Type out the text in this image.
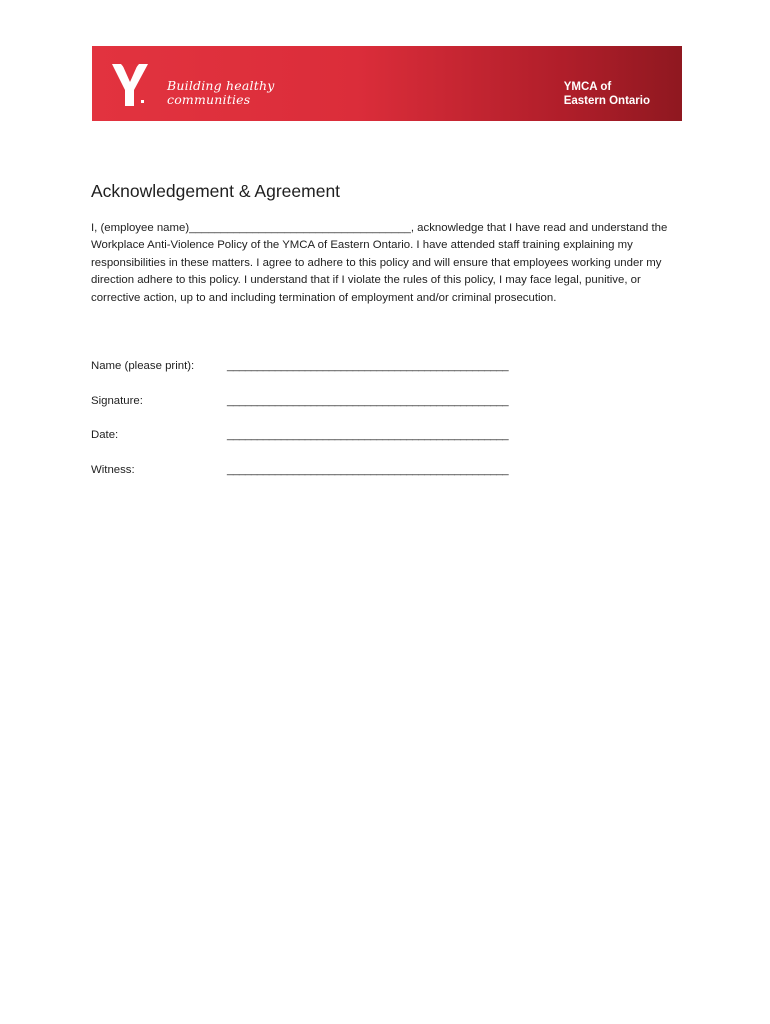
Building healthy
communities
YMCA of
Eastern Ontario
Acknowledgement & Agreement

I, (employee name)___________________________________, acknowledge that I have read and understand the Workplace Anti-Violence Policy of the YMCA of Eastern Ontario. I have attended staff training explaining my responsibilities in these matters. I agree to adhere to this policy and will ensure that employees working under my direction adhere to this policy. I understand that if I violate the rules of this policy, I may face legal, punitive, or corrective action, up to and including termination of employment and/or criminal prosecution.

Name (please print):	_______________________________________________
Signature:	_______________________________________________
Date:	_______________________________________________
Witness:	_______________________________________________
